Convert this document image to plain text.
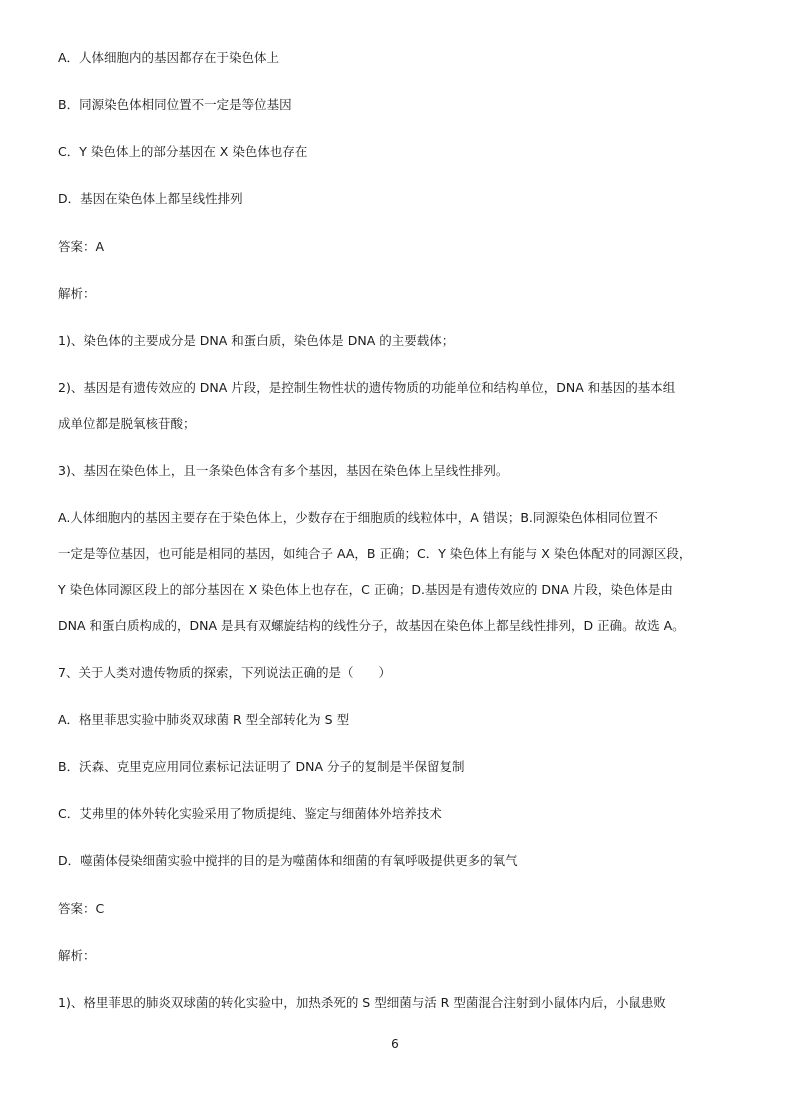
A．人体细胞内的基因都存在于染色体上
B．同源染色体相同位置不一定是等位基因
C．Y 染色体上的部分基因在 X 染色体也存在
D．基因在染色体上都呈线性排列
答案：A
解析：
1)、染色体的主要成分是 DNA 和蛋白质，染色体是 DNA 的主要载体；
2)、基因是有遗传效应的 DNA 片段，是控制生物性状的遗传物质的功能单位和结构单位，DNA 和基因的基本组
成单位都是脱氧核苷酸；
3)、基因在染色体上，且一条染色体含有多个基因，基因在染色体上呈线性排列。
A.人体细胞内的基因主要存在于染色体上，少数存在于细胞质的线粒体中，A 错误；B.同源染色体相同位置不
一定是等位基因，也可能是相同的基因，如纯合子 AA，B 正确；C．Y 染色体上有能与 X 染色体配对的同源区段，
Y 染色体同源区段上的部分基因在 X 染色体上也存在，C 正确；D.基因是有遗传效应的 DNA 片段，染色体是由
DNA 和蛋白质构成的，DNA 是具有双螺旋结构的线性分子，故基因在染色体上都呈线性排列，D 正确。故选 A。
7、关于人类对遗传物质的探索，下列说法正确的是（　　）
A．格里菲思实验中肺炎双球菌 R 型全部转化为 S 型
B．沃森、克里克应用同位素标记法证明了 DNA 分子的复制是半保留复制
C．艾弗里的体外转化实验采用了物质提纯、鉴定与细菌体外培养技术
D．噬菌体侵染细菌实验中搅拌的目的是为噬菌体和细菌的有氧呼吸提供更多的氧气
答案：C
解析：
1)、格里菲思的肺炎双球菌的转化实验中，加热杀死的 S 型细菌与活 R 型菌混合注射到小鼠体内后，小鼠患败
6
